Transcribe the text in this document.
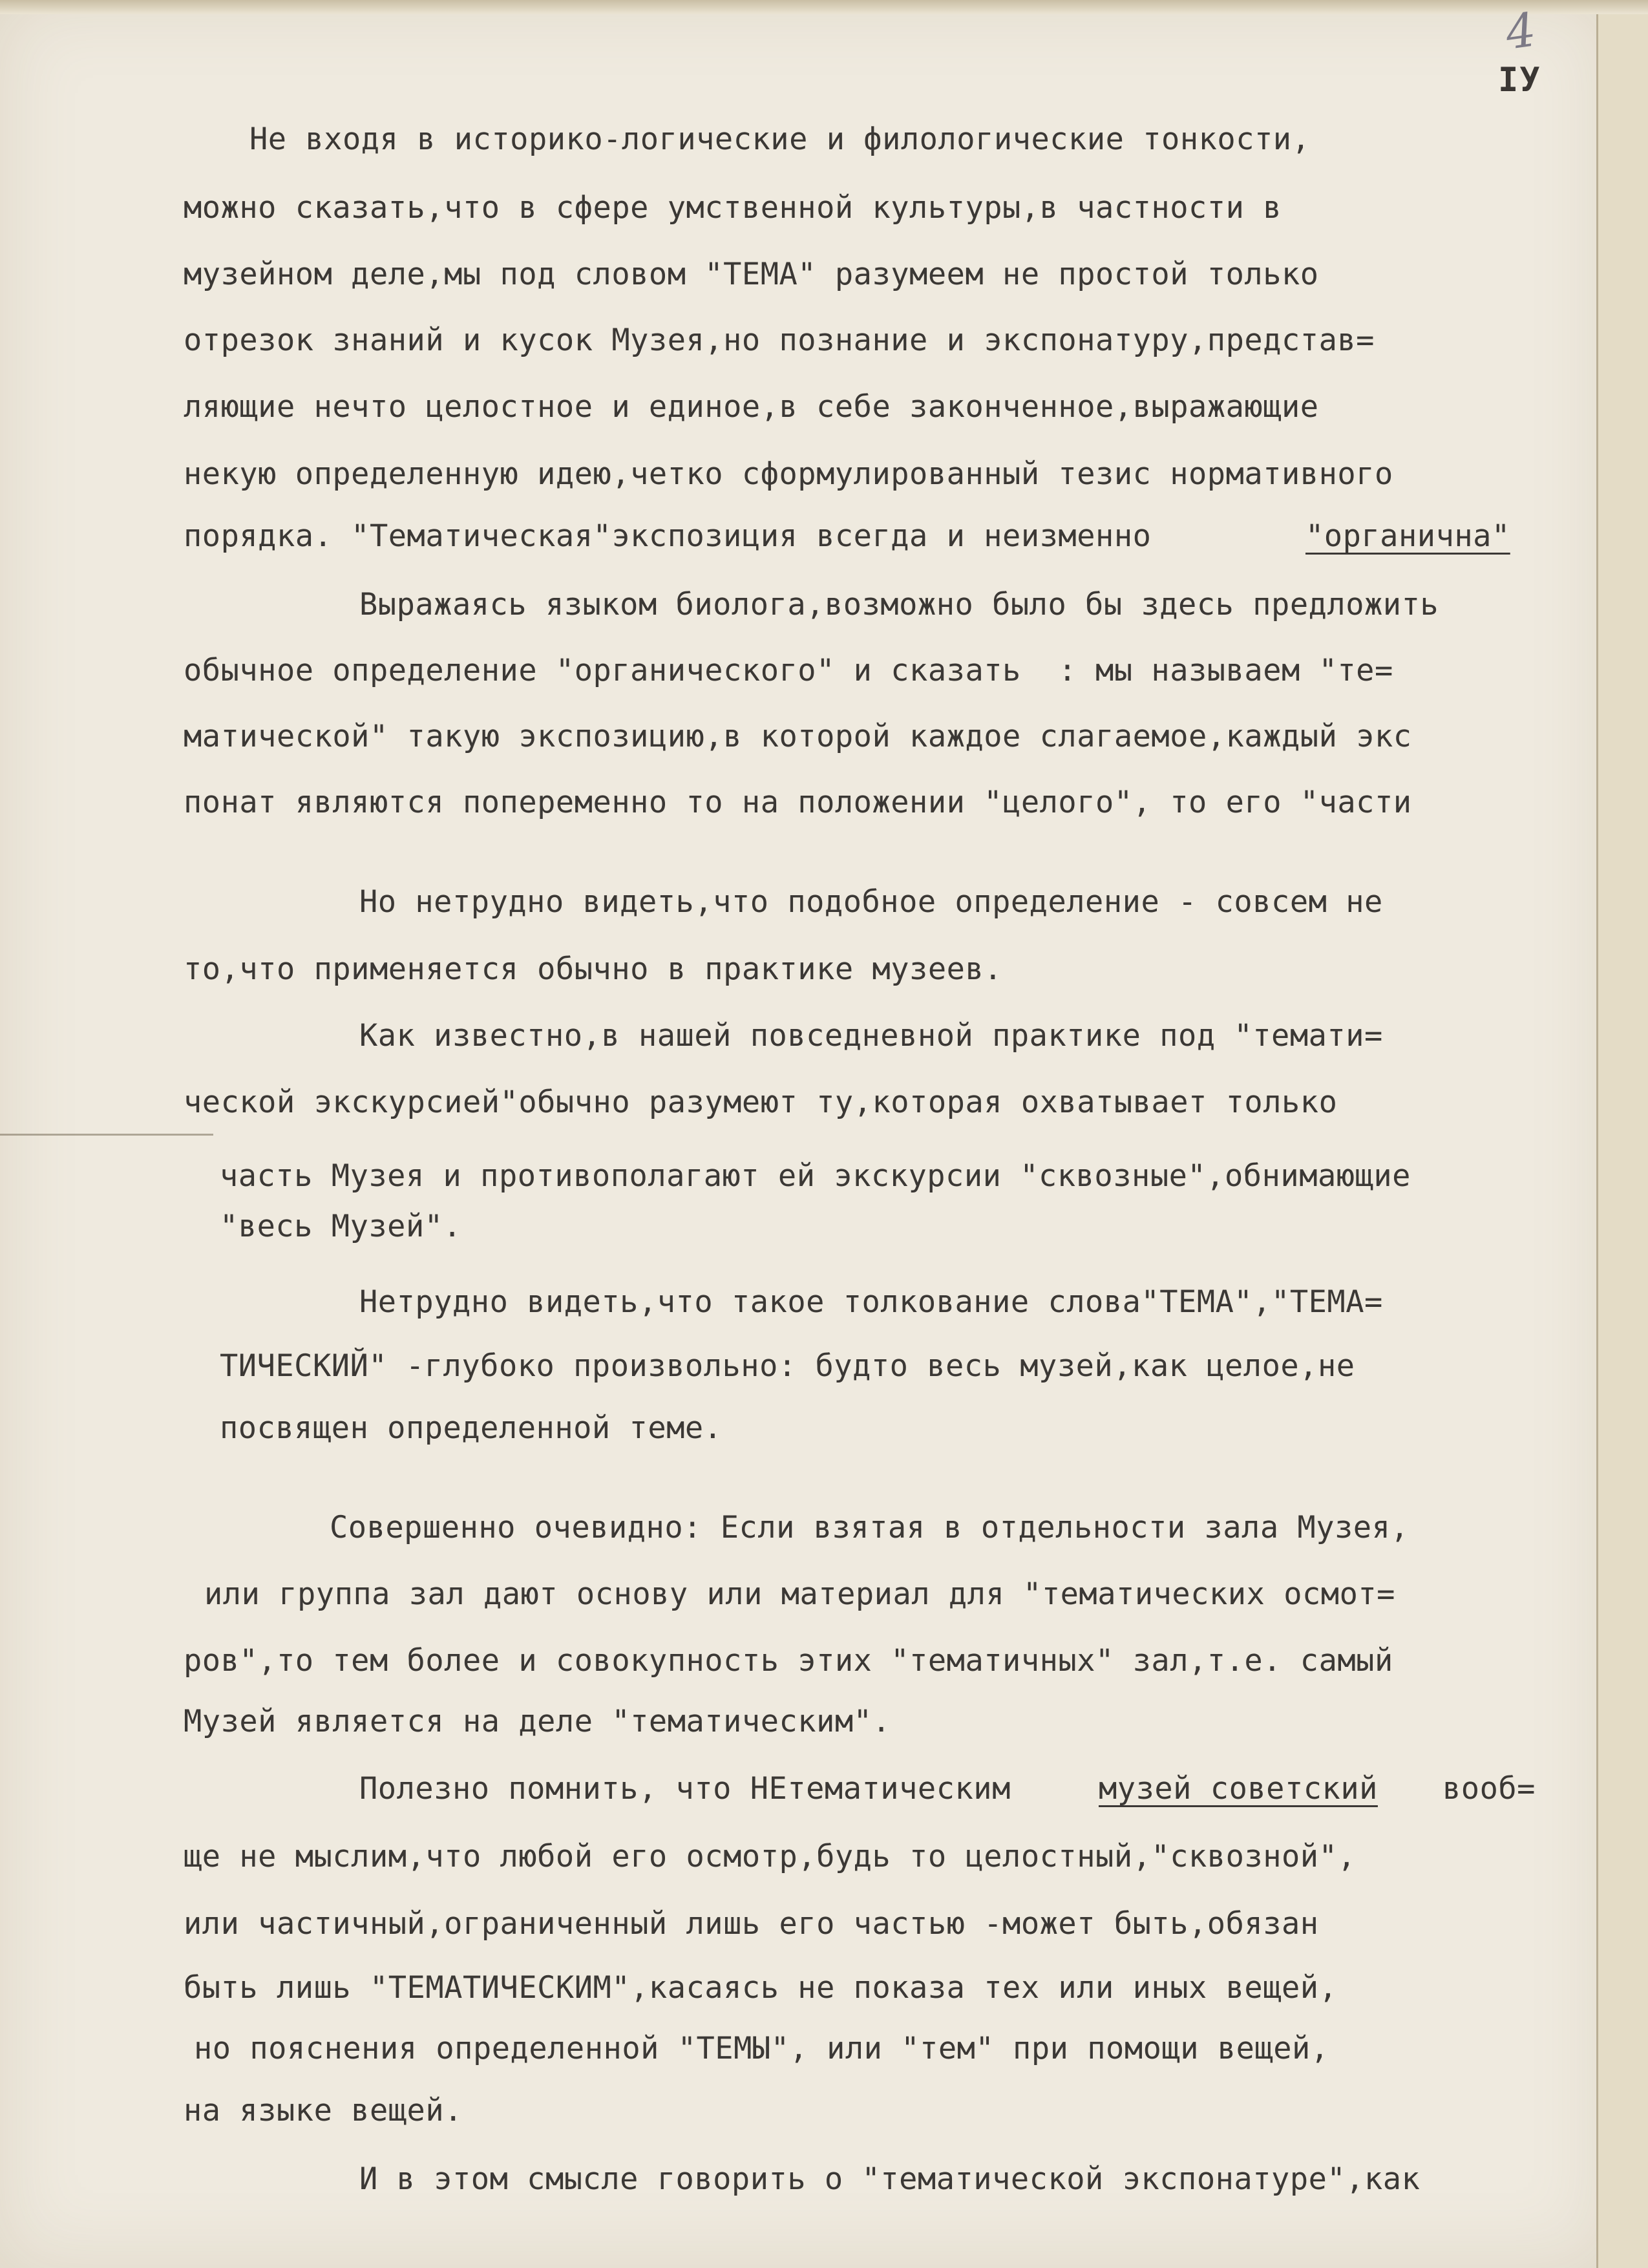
4
IУ
Не входя в историко-логические и филологические тонкости,
можно сказать,что в сфере умственной культуры,в частности в
музейном деле,мы под словом "ТЕМА" разумеем не простой только
отрезок знаний и кусок Музея,но познание и экспонатуру,представ=
ляющие нечто целостное и единое,в себе законченное,выражающие
некую определенную идею,четко сформулированный тезис нормативного
порядка. "Тематическая"экспозиция всегда и неизменно	"органична"
Выражаясь языком биолога,возможно было бы здесь предложить
обычное определение "органического" и сказать  : мы называем "те=
матической" такую экспозицию,в которой каждое слагаемое,каждый экс
понат являются попеременно то на положении "целого", то его "части
Но нетрудно видеть,что подобное определение - совсем не
то,что применяется обычно в практике музеев.
Как известно,в нашей повседневной практике под "темати=
ческой экскурсией"обычно разумеют ту,которая охватывает только
часть Музея и противополагают ей экскурсии "сквозные",обнимающие
"весь Музей".
Нетрудно видеть,что такое толкование слова"ТЕМА","ТЕМА=
ТИЧЕСКИЙ" -глубоко произвольно: будто весь музей,как целое,не
посвящен определенной теме.
Совершенно очевидно: Если взятая в отдельности зала Музея,
или группа зал дают основу или материал для "тематических осмот=
ров",то тем более и совокупность этих "тематичных" зал,т.е. самый
Музей является на деле "тематическим".
Полезно помнить, что НЕтематическим	музей советский вооб=
ще не мыслим,что любой его осмотр,будь то целостный,"сквозной",
или частичный,ограниченный лишь его частью -может быть,обязан
быть лишь "ТЕМАТИЧЕСКИМ",касаясь не показа тех или иных вещей,
но пояснения определенной "ТЕМЫ", или "тем" при помощи вещей,
на языке вещей.
И в этом смысле говорить о "тематической экспонатуре",как
